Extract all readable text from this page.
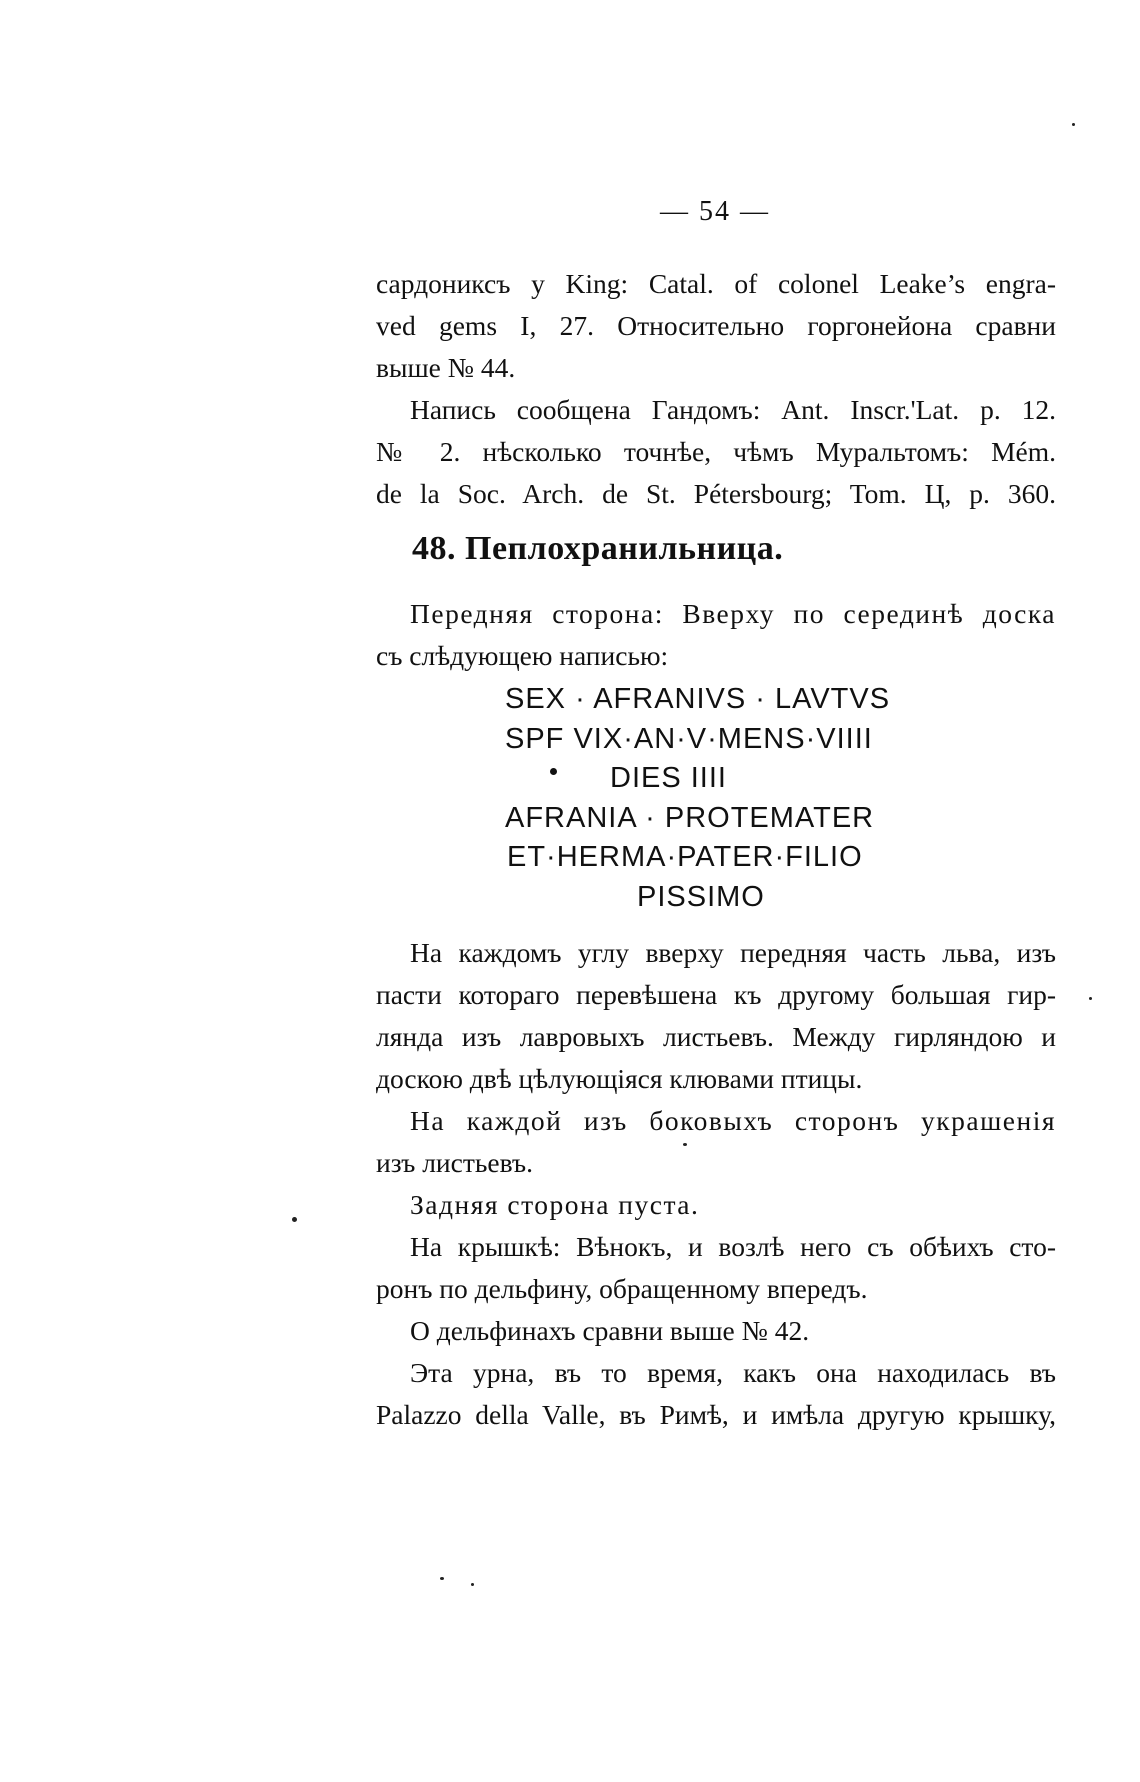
— 54 —
сардониксъ у King: Catal. of colonel Leake’s engra-
ved gems I, 27. Относительно горгонейона сравни
выше № 44.
Напись сообщена Гандомъ: Ant. Inscr.'Lat. p. 12.
№ 2. нѣсколько точнѣе, чѣмъ Муральтомъ: Mém.
de la Soc. Arch. de St. Pétersbourg; Tom. Ц, p. 360.
48. Пеплохранильница.
Передняя сторона: Вверху по серединѣ доска
съ слѣдующею написью:
SEX · AFRANIVS · LAVTVS
SPF VIX·AN·V·MENS·VIIII
DIES IIII
AFRANIA · PROTEMATER
ET·HERMA·PATER·FILIO
PISSIMO
На каждомъ углу вверху передняя часть льва, изъ
пасти котораго перевѣшена къ другому большая гир-
лянда изъ лавровыхъ листьевъ. Между гирляндою и
доскою двѣ цѣлующіяся клювами птицы.
На каждой изъ боковыхъ сторонъ украшенія
изъ листьевъ.
Задняя сторона пуста.
На крышкѣ: Вѣнокъ, и возлѣ него съ обѣихъ сто-
ронъ по дельфину, обращенному впередъ.
О дельфинахъ сравни выше № 42.
Эта урна, въ то время, какъ она находилась въ
Palazzo della Valle, въ Римѣ, и имѣла другую крышку,
